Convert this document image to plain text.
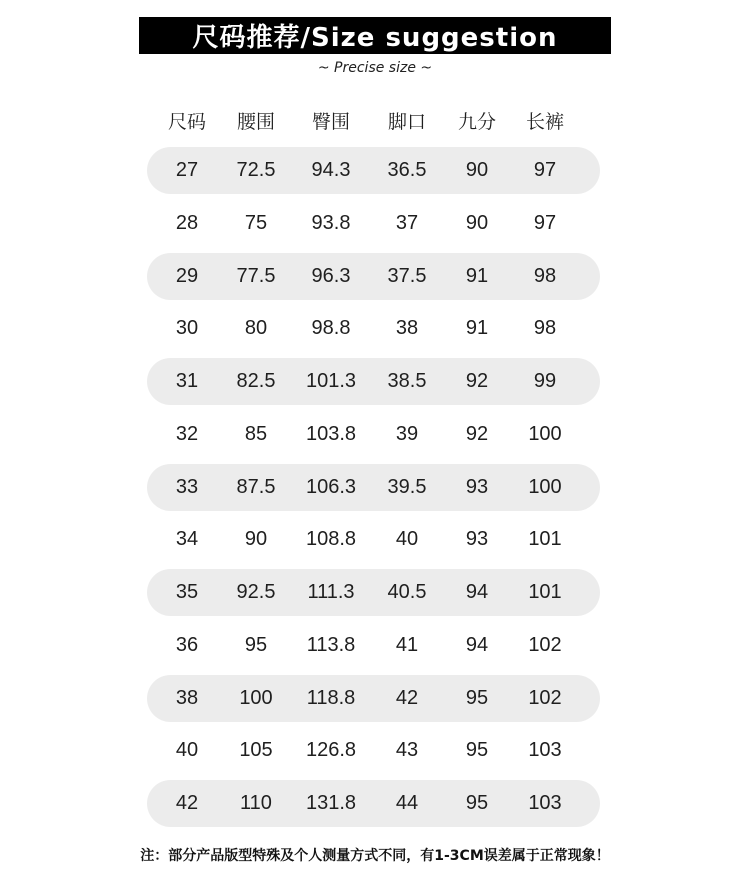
尺码推荐/Size suggestion
~ Precise size ~
尺码	腰围	臀围	脚口	九分	长裤
27	72.5	94.3	36.5	90	97
28	75	93.8	37	90	97
29	77.5	96.3	37.5	91	98
30	80	98.8	38	91	98
31	82.5	101.3	38.5	92	99
32	85	103.8	39	92	100
33	87.5	106.3	39.5	93	100
34	90	108.8	40	93	101
35	92.5	111.3	40.5	94	101
36	95	113.8	41	94	102
38	100	118.8	42	95	102
40	105	126.8	43	95	103
42	110	131.8	44	95	103
注：部分产品版型特殊及个人测量方式不同，有1-3CM误差属于正常现象！
